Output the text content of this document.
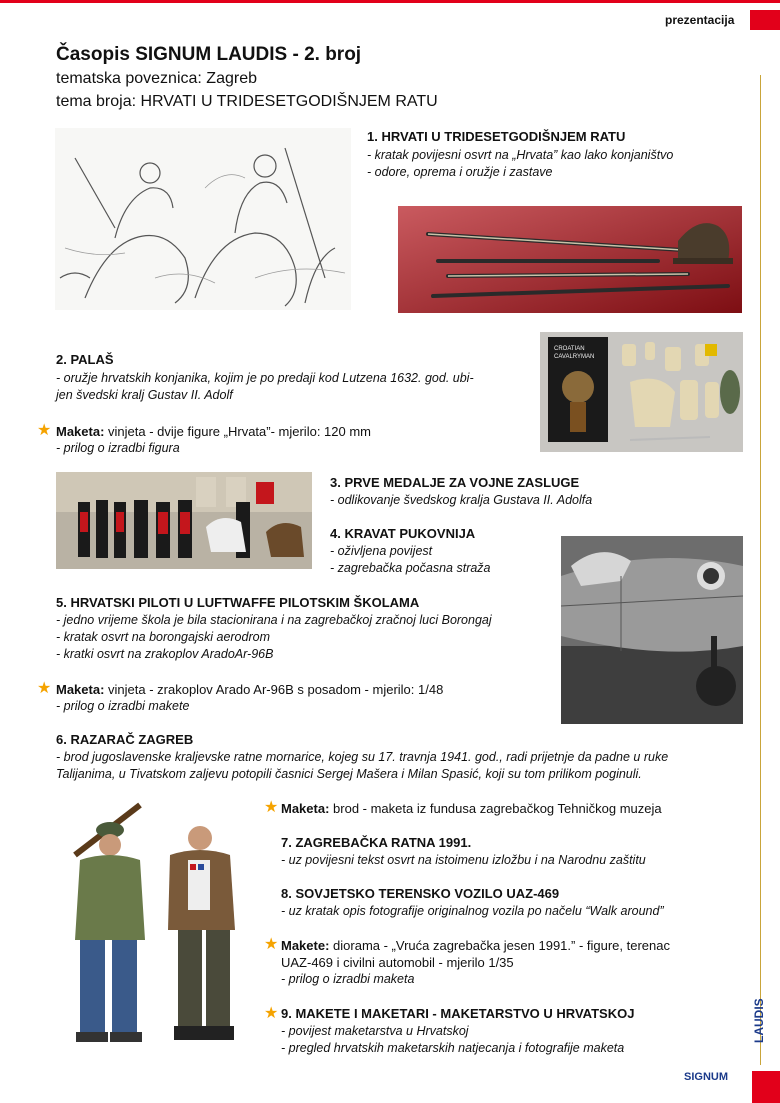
prezentacija
Časopis SIGNUM LAUDIS - 2. broj
tematska poveznica: Zagreb
tema broja: HRVATI U TRIDESETGODIŠNJEM RATU
1. HRVATI U TRIDESETGODIŠNJEM RATU
- kratak povijesni osvrt na „Hrvata” kao lako konjaništvo
- odore, oprema i oružje i zastave
2. PALAŠ
- oružje hrvatskih konjanika, kojim je po predaji kod Lutzena 1632. god. ubi-
jen švedski kralj Gustav II. Adolf
★ Maketa: vinjeta - dvije figure „Hrvata”- mjerilo: 120 mm
- prilog o izradbi figura
CROATIAN
CAVALRYMAN
3. PRVE MEDALJE ZA VOJNE ZASLUGE
- odlikovanje švedskog kralja Gustava II. Adolfa
4. KRAVAT PUKOVNIJA
- oživljena povijest
- zagrebačka počasna straža
5. HRVATSKI PILOTI U LUFTWAFFE PILOTSKIM ŠKOLAMA
- jedno vrijeme škola je bila stacionirana i na zagrebačkoj zračnoj luci Borongaj
- kratak osvrt na borongajski aerodrom
- kratki osvrt na zrakoplov AradoAr-96B
★ Maketa: vinjeta - zrakoplov Arado Ar-96B s posadom - mjerilo: 1/48
- prilog o izradbi makete
6. RAZARAČ ZAGREB
- brod jugoslavenske kraljevske ratne mornarice, kojeg su 17. travnja 1941. god., radi prijetnje da padne u ruke
Talijanima, u Tivatskom zaljevu potopili časnici Sergej Mašera i Milan Spasić, koji su tom prilikom poginuli.
★ Maketa: brod - maketa iz fundusa zagrebačkog Tehničkog muzeja
7. ZAGREBAČKA RATNA 1991.
- uz povijesni tekst osvrt na istoimenu izložbu i na Narodnu zaštitu
8. SOVJETSKO TERENSKO VOZILO UAZ-469
- uz kratak opis fotografije originalnog vozila po načelu “Walk around”
★ Makete: diorama - „Vruća zagrebačka jesen 1991.” - figure, terenac
UAZ-469 i civilni automobil - mjerilo 1/35
- prilog o izradbi maketa
★ 9. MAKETE I MAKETARI - MAKETARSTVO U HRVATSKOJ
- povijest maketarstva u Hrvatskoj
- pregled hrvatskih maketarskih natjecanja i fotografije maketa
LAUDIS
SIGNUM
